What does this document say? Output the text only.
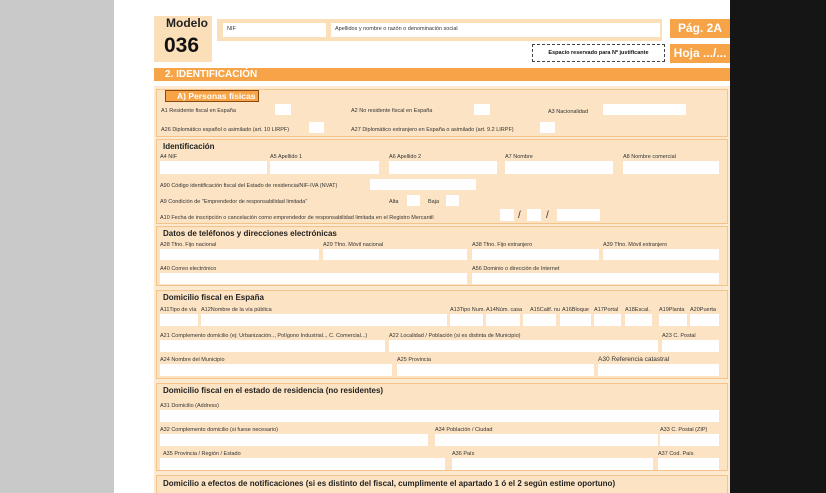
Modelo
036
NIF	Apellidos y nombre o razón o denominación social	Pág. 2A
Hoja .../...
Espacio reservado para Nº justificante
2. IDENTIFICACIÓN
A) Personas físicas
A1 Residente fiscal en España	A2 No residente fiscal en España	A3 Nacionalidad
A26 Diplomático español o asimilado (art. 10 LIRPF)	A27 Diplomático extranjero en España o asimilado (art. 9.2 LIRPF)
Identificación
A4 NIF	A5 Apellido 1	A6 Apellido 2	A7 Nombre	A8 Nombre comercial
A90 Código identificación fiscal del Estado de residencia/NIF-IVA (NVAT)
A9 Condición de "Emprendedor de responsabilidad limitada"	Alta	Baja
A10 Fecha de inscripción o cancelación como emprendedor de responsabilidad limitada en el Registro Mercantil	/	/
Datos de teléfonos y direcciones electrónicas
A28 Tfno. Fijo nacional	A29 Tfno. Móvil nacional	A38 Tfno. Fijo extranjero	A39 Tfno. Móvil extranjero
A40 Correo electrónico	A56 Dominio o dirección de Internet
Domicilio fiscal en España
A11Tipo de vía A12Nombre de la vía pública	A13Tipo Num. A14Núm. casa A15Calif. nu A16Bloque A17Portal A18Escal. A19Planta A20Puerta
A21 Complemento domicilio (ej: Urbanización.., Polígono Industrial.., C. Comercial...)	A22 Localidad / Población (si es distinta de Municipio)	A23 C. Postal
A24 Nombre del Municipio	A25 Provincia	A30 Referencia catastral
Domicilio fiscal en el estado de residencia (no residentes)
A31 Domicilio (Address)
A32 Complemento domicilio (si fuese necesario)	A34 Población / Ciudad	A33 C. Postal (ZIP)
A35 Provincia / Región / Estado	A36 País	A37 Cod. País
Domicilio a efectos de notificaciones (si es distinto del fiscal, cumplimente el apartado 1 ó el 2 según estime oportuno)
